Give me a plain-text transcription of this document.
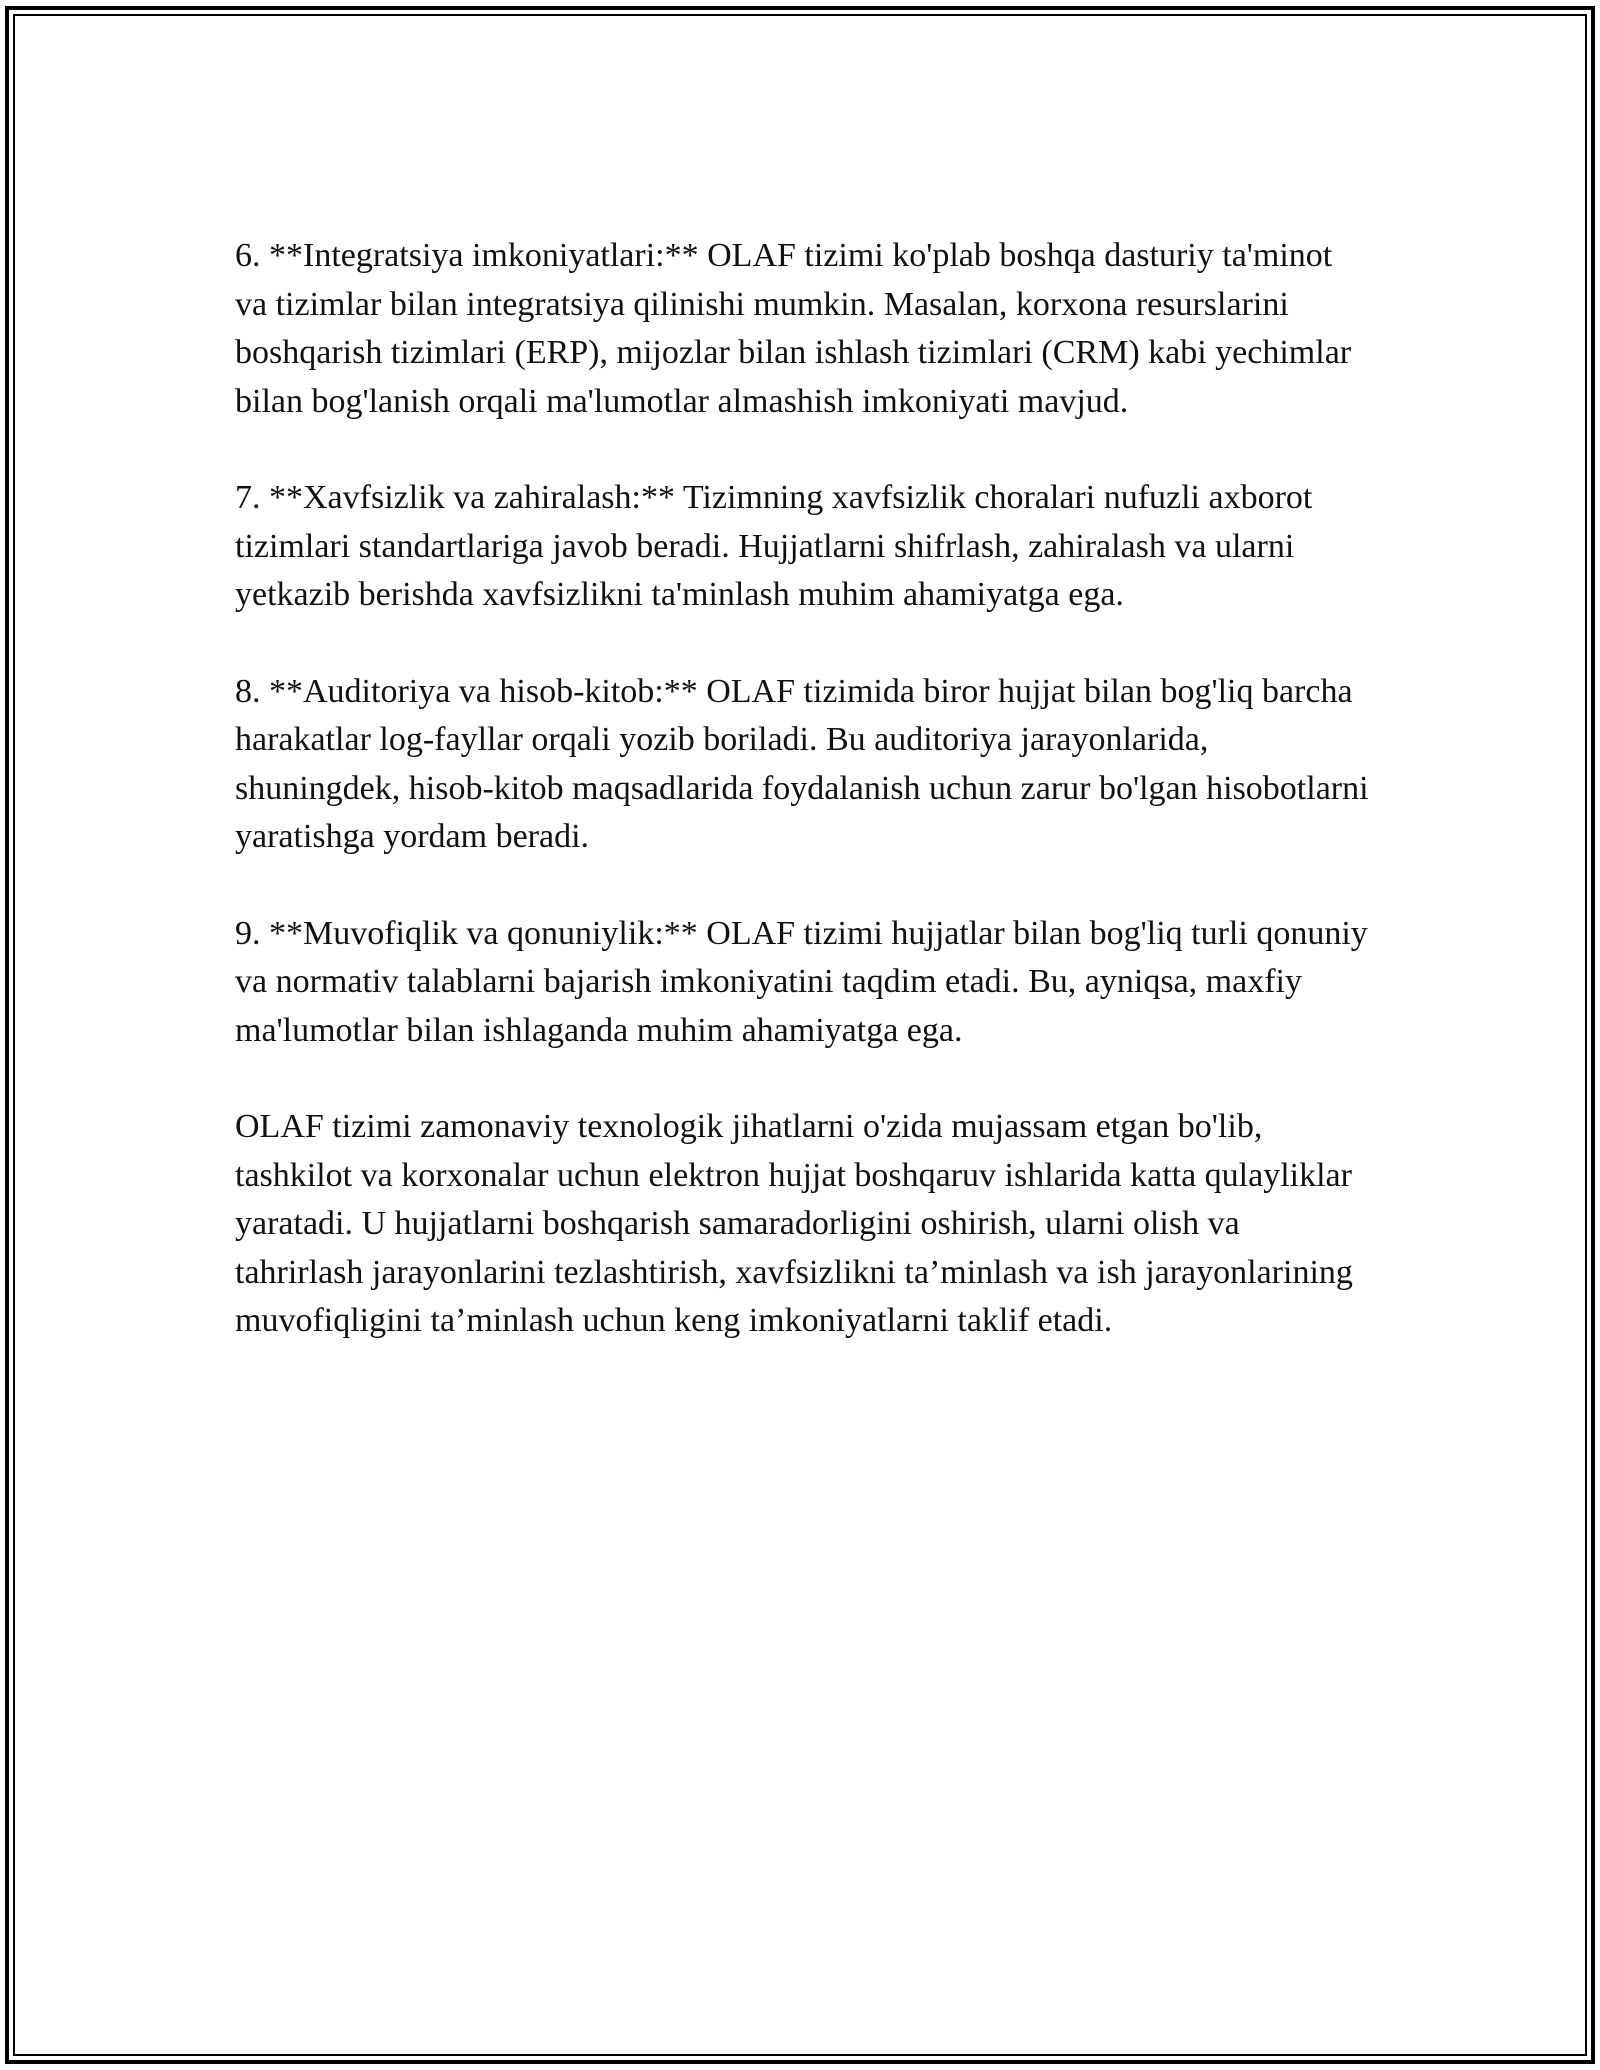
6. **Integratsiya imkoniyatlari:** OLAF tizimi ko'plab boshqa dasturiy ta'minot va tizimlar bilan integratsiya qilinishi mumkin. Masalan, korxona resurslarini boshqarish tizimlari (ERP), mijozlar bilan ishlash tizimlari (CRM) kabi yechimlar bilan bog'lanish orqali ma'lumotlar almashish imkoniyati mavjud.

7. **Xavfsizlik va zahiralash:** Tizimning xavfsizlik choralari nufuzli axborot tizimlari standartlariga javob beradi. Hujjatlarni shifrlash, zahiralash va ularni yetkazib berishda xavfsizlikni ta'minlash muhim ahamiyatga ega.

8. **Auditoriya va hisob-kitob:** OLAF tizimida biror hujjat bilan bog'liq barcha harakatlar log-fayllar orqali yozib boriladi. Bu auditoriya jarayonlarida, shuningdek, hisob-kitob maqsadlarida foydalanish uchun zarur bo'lgan hisobotlarni yaratishga yordam beradi.

9. **Muvofiqlik va qonuniylik:** OLAF tizimi hujjatlar bilan bog'liq turli qonuniy va normativ talablarni bajarish imkoniyatini taqdim etadi. Bu, ayniqsa, maxfiy ma'lumotlar bilan ishlaganda muhim ahamiyatga ega.

OLAF tizimi zamonaviy texnologik jihatlarni o'zida mujassam etgan bo'lib, tashkilot va korxonalar uchun elektron hujjat boshqaruv ishlarida katta qulayliklar yaratadi. U hujjatlarni boshqarish samaradorligini oshirish, ularni olish va tahrirlash jarayonlarini tezlashtirish, xavfsizlikni ta’minlash va ish jarayonlarining muvofiqligini ta’minlash uchun keng imkoniyatlarni taklif etadi.
